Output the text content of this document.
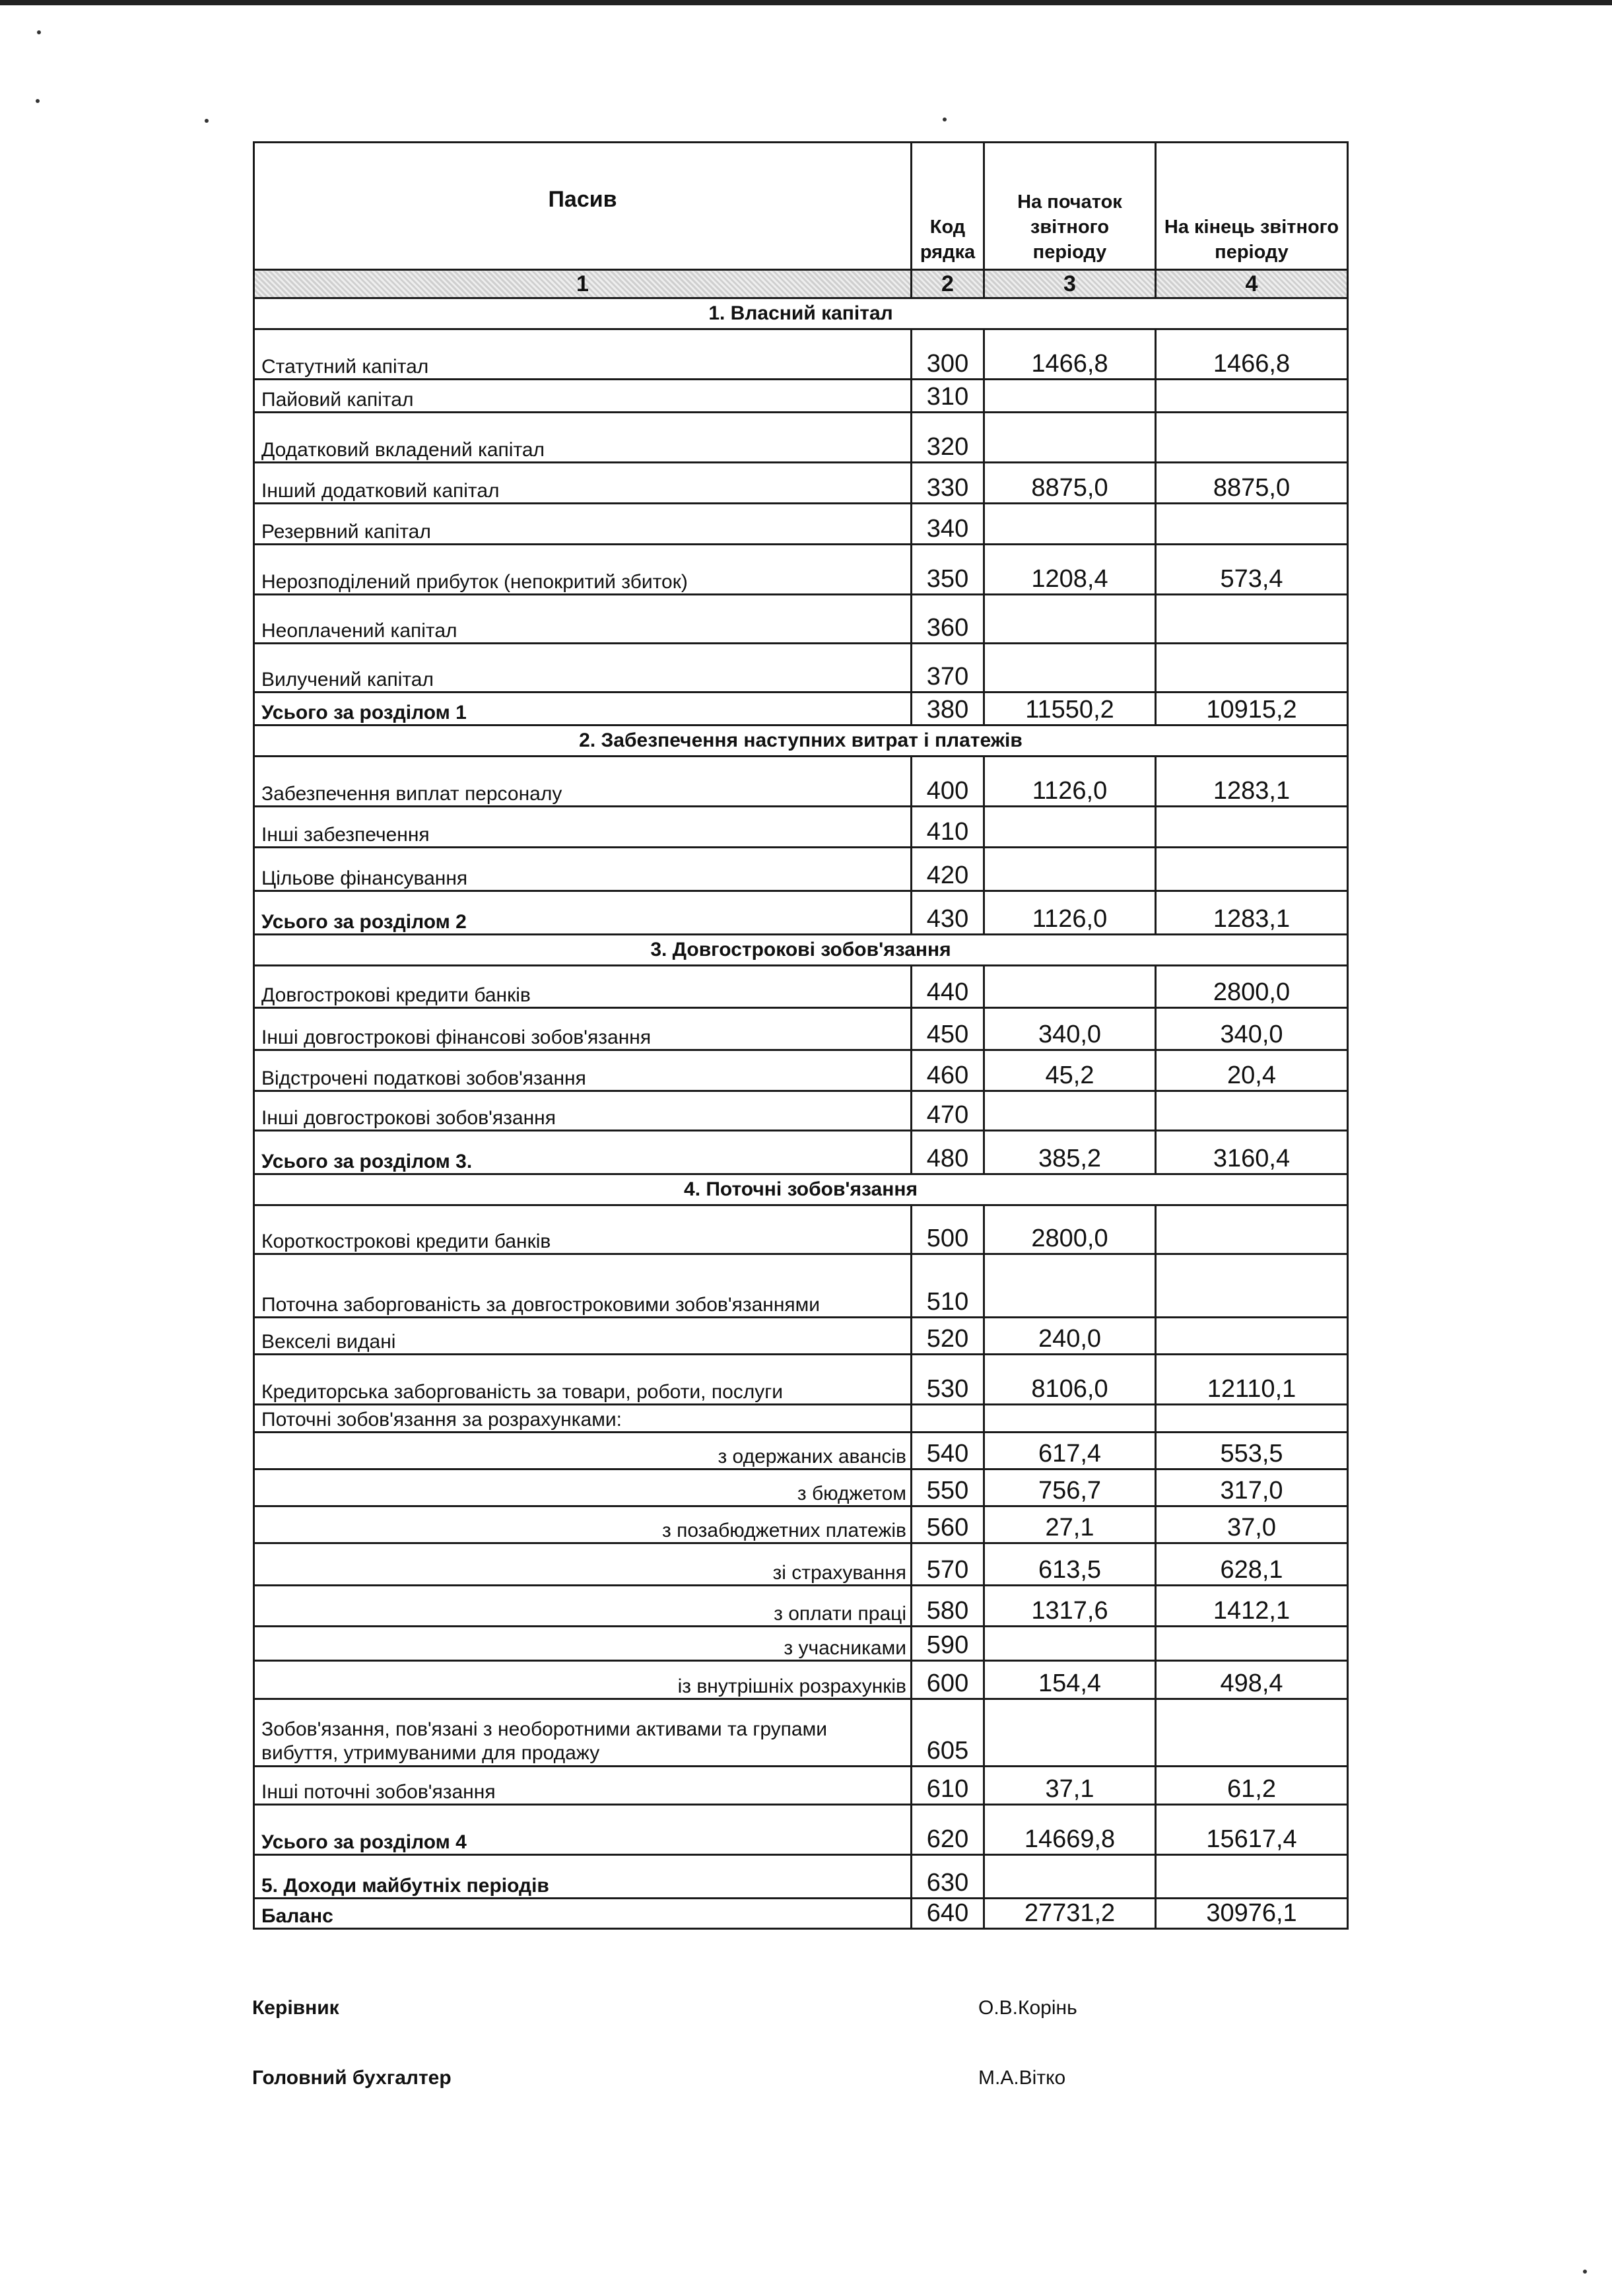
Пасив	Код рядка	На початок звітного періоду	На кінець звітного періоду

1	2	3	4
1. Власний капітал			
Статутний капітал	300	1466,8	1466,8
Пайовий капітал	310		
Додатковий вкладений капітал	320		
Інший додатковий капітал	330	8875,0	8875,0
Резервний капітал	340		
Нерозподілений прибуток (непокритий збиток)	350	1208,4	573,4
Неоплачений капітал	360		
Вилучений капітал	370		
Усього за розділом 1	380	11550,2	10915,2
2. Забезпечення наступних витрат і платежів			
Забезпечення виплат персоналу	400	1126,0	1283,1
Інші забезпечення	410		
Цільове фінансування	420		
Усього за розділом 2	430	1126,0	1283,1
3. Довгострокові зобов'язання			
Довгострокові кредити банків	440		2800,0
Інші довгострокові фінансові зобов'язання	450	340,0	340,0
Відстрочені податкові зобов'язання	460	45,2	20,4
Інші довгострокові зобов'язання	470		
Усього за розділом 3.	480	385,2	3160,4
4. Поточні зобов'язання			
Короткострокові кредити банків	500	2800,0	
Поточна заборгованість за довгостроковими зобов'язаннями	510		
Векселі видані	520	240,0	
Кредиторська заборгованість за товари, роботи, послуги	530	8106,0	12110,1
Поточні зобов'язання за розрахунками:			
з одержаних авансів	540	617,4	553,5
з бюджетом	550	756,7	317,0
з позабюджетних платежів	560	27,1	37,0
зі страхування	570	613,5	628,1
з оплати праці	580	1317,6	1412,1
з учасниками	590		
із внутрішніх розрахунків	600	154,4	498,4
Зобов'язання, пов'язані з необоротними активами та групами вибуття, утримуваними для продажу	605		
Інші поточні зобов'язання	610	37,1	61,2
Усього за розділом 4	620	14669,8	15617,4
5. Доходи майбутніх періодів	630		
Баланс	640	27731,2	30976,1
Керівник	О.В.Корінь
Головний бухгалтер	М.А.Вітко
